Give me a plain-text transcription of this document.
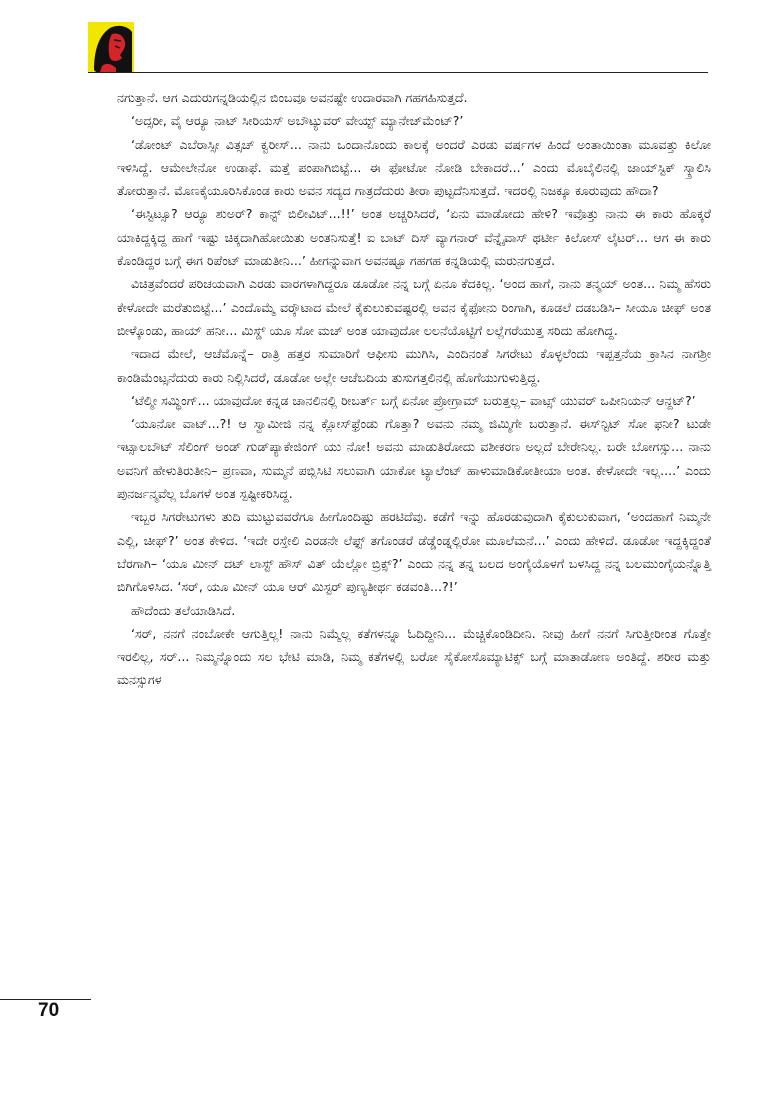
ನಗುತ್ತಾನೆ. ಆಗ ಎದುರುಗನ್ನಡಿಯಲ್ಲಿನ ಬಿಂಬವೂ ಅವನಷ್ಟೇ ಉದಾರವಾಗಿ ಗಹಗಹಿಸುತ್ತದೆ.

‘ಅದ್ಸರೀ, ವೈ ಆರ‍್ಯೂ ನಾಟ್ ಸೀರಿಯಸ್ ಅಬೌಟ್ಯುವರ್ ವೇಯ್ಟ್ ಮ್ಯಾನೇಜ್‌ಮೆಂಟ್?’

‘ಡೋಂಟ್ ಎಬೆರಾಸ್ಸೀ ವಿತ್ಸಚ್ ಕ್ವರೀಸ್... ನಾನು ಒಂದಾನೊಂದು ಕಾಲಕ್ಕೆ ಅಂದರೆ ಎರಡು ವರ್ಷಗಳ ಹಿಂದೆ ಅಂತಾಯಿಂತಾ ಮೂವತ್ತು ಕಿಲೋ ಇಳಿಸಿದ್ದೆ. ಆಮೇಲೇನೋ ಉಡಾಫೆ. ಮತ್ತೆ ಪಂಪಾಗಿಬಿಟ್ಟೆ... ಈ ಫೋಟೋ ನೋಡಿ ಬೇಕಾದರೆ...’ ಎಂದು ಮೊಬೈಲಿನಲ್ಲಿ ಜಾಯ್‌ಸ್ಟಿಕ್ ಸ್ಕ್ರಾಲಿಸಿ ತೋರುತ್ತಾನೆ. ಮೊಣಕೈಯೂರಿಸಿಕೊಂಡ ಕಾರು ಅವನ ಸದ್ಯದ ಗಾತ್ರದೆದುರು ತೀರಾ ಪುಟ್ಟದೆನಿಸುತ್ತದೆ. ಇದರಲ್ಲಿ ನಿಜಕ್ಕೂ ಕೂರುವುದು ಹೌದಾ?

‘ಈಸ್ಟಿಟ್ಸೂ? ಆರ‍್ಯೂ ಶುಅರ್? ಕಾನ್ಟ್ ಬಿಲೀವಿಟ್...!!’ ಅಂತ ಅಚ್ಚರಿಸಿದರೆ, ‘ಏನು ಮಾಡೋದು ಹೇಳಿ? ಇವೊತ್ತು ನಾನು ಈ ಕಾರು ಹೊಕ್ಕರೆ ಯಾಕಿದ್ದಕ್ಕಿದ್ದ ಹಾಗೆ ಇಷ್ಟು ಚಿಕ್ಕದಾಗಿಹೋಯಿತು ಅಂತನಿಸುತ್ತೆ! ಐ ಬಾಟ್ ದಿಸ್ ವ್ಯಾಗನಾರ್ ವೆನ್ನೈವಾಸ್ ಥರ್ಟೀ ಕಿಲೋಸ್ ಲೈಟರ್... ಆಗ ಈ ಕಾರು ಕೊಂಡಿದ್ದರ ಬಗ್ಗೆ ಈಗ ರಿಪೆಂಟ್ ಮಾಡುತೀನಿ...’ ಹೀಗನ್ನುವಾಗ ಅವನಷ್ಟೂ ಗಹಗಹ ಕನ್ನಡಿಯಲ್ಲಿ ಮರುನಗುತ್ತದೆ.

ವಿಚಿತ್ರವೆಂದರೆ ಪರಿಚಯವಾಗಿ ಎರಡು ವಾರಗಳಾಗಿದ್ದರೂ ಡೂಡೋ ನನ್ನ ಬಗ್ಗೆ ಏನೂ ಕೆದಕಿಲ್ಲ. ‘ಅಂದ ಹಾಗೆ, ನಾನು ತನ್ಮಯ್ ಅಂತ... ನಿಮ್ಮ ಹೆಸರು ಕೇಳೋದೇ ಮರೆತುಬಿಟ್ಟೆ...’ ಎಂದೊಮ್ಮೆ ವರ‍್ಕೌಟಾದ ಮೇಲೆ ಕೈಕುಲುಕುವಷ್ಟರಲ್ಲಿ ಅವನ ಕೈಫೋನು ರಿಂಗಾಗಿ, ಕೂಡಲೆ ದಡಬಡಿಸಿ– ಸೀಯೂ ಚೀಫ್ ಅಂತ ಬೀಳ್ಕೊಂಡು, ಹಾಯ್ ಹನೀ... ಮಿಸ್ಡ್ ಯೂ ಸೋ ಮಚ್ ಅಂತ ಯಾವುದೋ ಲಲನೆಯೊಟ್ಟಿಗೆ ಲಲ್ಲೆಗರೆಯುತ್ತ ಸರಿದು ಹೋಗಿದ್ದ.

ಇದಾದ ಮೇಲೆ, ಆಚೆಮೊನ್ನೆ– ರಾತ್ರಿ ಹತ್ತರ ಸುಮಾರಿಗೆ ಆಫೀಸು ಮುಗಿಸಿ, ಎಂದಿನಂತೆ ಸಿಗರೇಟು ಕೊಳ್ಳಲೆಂದು ಇಪ್ಪತ್ತನೆಯ ಕ್ರಾಸಿನ ನಾಗಶ್ರೀ ಕಾಂಡಿಮೆಂಟ್ಸನೆದುರು ಕಾರು ನಿಲ್ಲಿಸಿದರೆ, ಡೂಡೋ ಅಲ್ಲೇ ಆಚೆಬದಿಯ ತುಸುಗತ್ತಲಿನಲ್ಲಿ ಹೊಗೆಯುಗುಳುತ್ತಿದ್ದ.

‘ಟೆಲ್ಮೀ ಸಮ್ಥಿಂಗ್... ಯಾವುದೋ ಕನ್ನಡ ಚಾನಲಿನಲ್ಲಿ ರೀಬರ್ತ್ ಬಗ್ಗೆ ಏನೋ ಪ್ರೋಗ್ರಾಮ್ ಬರುತ್ತಲ್ಲ– ವಾಟ್ಸ್ ಯುವರ್ ಒಪೀನಿಯನ್ ಆನ್ದಟ್?’

‘ಯೂನೋ ವಾಟ್...?! ಆ ಸ್ವಾಮೀಜಿ ನನ್ನ ಕ್ಲೋಸ್‌ಫ್ರೆಂಡು ಗೊತ್ತಾ? ಅವನು ನಮ್ಮ ಜಿಮ್ಮಿಗೇ ಬರುತ್ತಾನೆ. ಈಸ್‌ನ್ಟಿಟ್ ಸೋ ಫನೀ? ಟುಡೇ ಇಟ್ಸಾಲಬೌಟ್ ಸೆಲಿಂಗ್ ಅಂಡ್ ಗುಡ್‌ಪ್ಯಾಕೇಜಿಂಗ್ ಯು ನೋ! ಅವನು ಮಾಡುತಿರೋದು ವಶೀಕರಣ ಅಲ್ಲದೆ ಬೇರೇನಿಲ್ಲ. ಬರೇ ಬೋಗಸ್ಸು... ನಾನು ಅವನಿಗೆ ಹೇಳುತಿರುತೀನಿ– ಪ್ರಣವಾ, ಸುಮ್ಮನೆ ಪಬ್ಲಿಸಿಟಿ ಸಲುವಾಗಿ ಯಾಕೋ ಟ್ಯಾಲೆಂಟ್ ಹಾಳುಮಾಡಿಕೋತೀಯಾ ಅಂತ. ಕೇಳೋದೇ ಇಲ್ಲ....’ ಎಂದು ಪುನರ್ಜನ್ಮವೆಲ್ಲ ಬೊಗಳೆ ಅಂತ ಸ್ಪಷ್ಟೀಕರಿಸಿದ್ದ.

ಇಬ್ಬರ ಸಿಗರೇಟುಗಳು ತುದಿ ಮುಟ್ಟುವವರೆಗೂ ಹೀಗೊಂದಿಷ್ಟು ಹರಟಿದೆವು. ಕಡೆಗೆ ಇನ್ನು ಹೊರಡುವುದಾಗಿ ಕೈಕುಲುಕುವಾಗ, ‘ಅಂದಹಾಗೆ ನಿಮ್ಮನೇ ಎಲ್ಲಿ, ಚೀಫ್?’ ಅಂತ ಕೇಳಿದ. ‘ಇದೇ ರಸ್ತೇಲಿ ಎರಡನೇ ಲೆಫ್ಟ್ ತಗೊಂಡರೆ ಡೆಡ್ಡೆಂಡ್ನಲ್ಲಿರೋ ಮೂಲೆಮನೆ...’ ಎಂದು ಹೇಳಿದೆ. ಡೂಡೋ ಇದ್ದಕ್ಕಿದ್ದಂತೆ ಬೆರಗಾಗಿ– ‘ಯೂ ಮೀನ್ ದಟ್ ಲಾಸ್ಟ್ ಹೌಸ್ ವಿತ್ ಯೆಲ್ಲೋ ಬ್ರಿಕ್ಸ್?’ ಎಂದು ನನ್ನ ತನ್ನ ಬಲದ ಅಂಗೈಯೊಳಗೆ ಬಳಸಿದ್ದ ನನ್ನ ಬಲಮುಂಗೈಯನ್ನೊತ್ತಿ ಬಿಗಿಗೊಳಿಸಿದ. ‘ಸರ್, ಯೂ ಮೀನ್ ಯೂ ಆರ್ ಮಿಸ್ಟರ್ ಪುಣ್ಯತೀರ್ಥ ಕಡವಂತಿ...?!’

ಹೌದೆಂದು ತಲೆಯಾಡಿಸಿದೆ.

‘ಸರ್, ನನಗೆ ನಂಬೋಕೇ ಆಗುತ್ತಿಲ್ಲ! ನಾನು ನಿಮ್ಮೆಲ್ಲ ಕತೆಗಳನ್ನೂ ಓದಿದ್ದೀನಿ... ಮೆಚ್ಚಿಕೊಂಡಿದೀನಿ. ನೀವು ಹೀಗೆ ನನಗೆ ಸಿಗುತ್ತೀರೀಂತ ಗೊತ್ತೇ ಇರಲಿಲ್ಲ, ಸರ್... ನಿಮ್ಮನ್ನೊಂದು ಸಲ ಭೇಟಿ ಮಾಡಿ, ನಿಮ್ಮ ಕತೆಗಳಲ್ಲಿ ಬರೋ ಸೈಕೋಸೊಮ್ಯಾಟಿಕ್ಸ್ ಬಗ್ಗೆ ಮಾತಾಡೋಣ ಅಂತಿದ್ದೆ. ಶರೀರ ಮತ್ತು ಮನಸ್ಸುಗಳ

70
